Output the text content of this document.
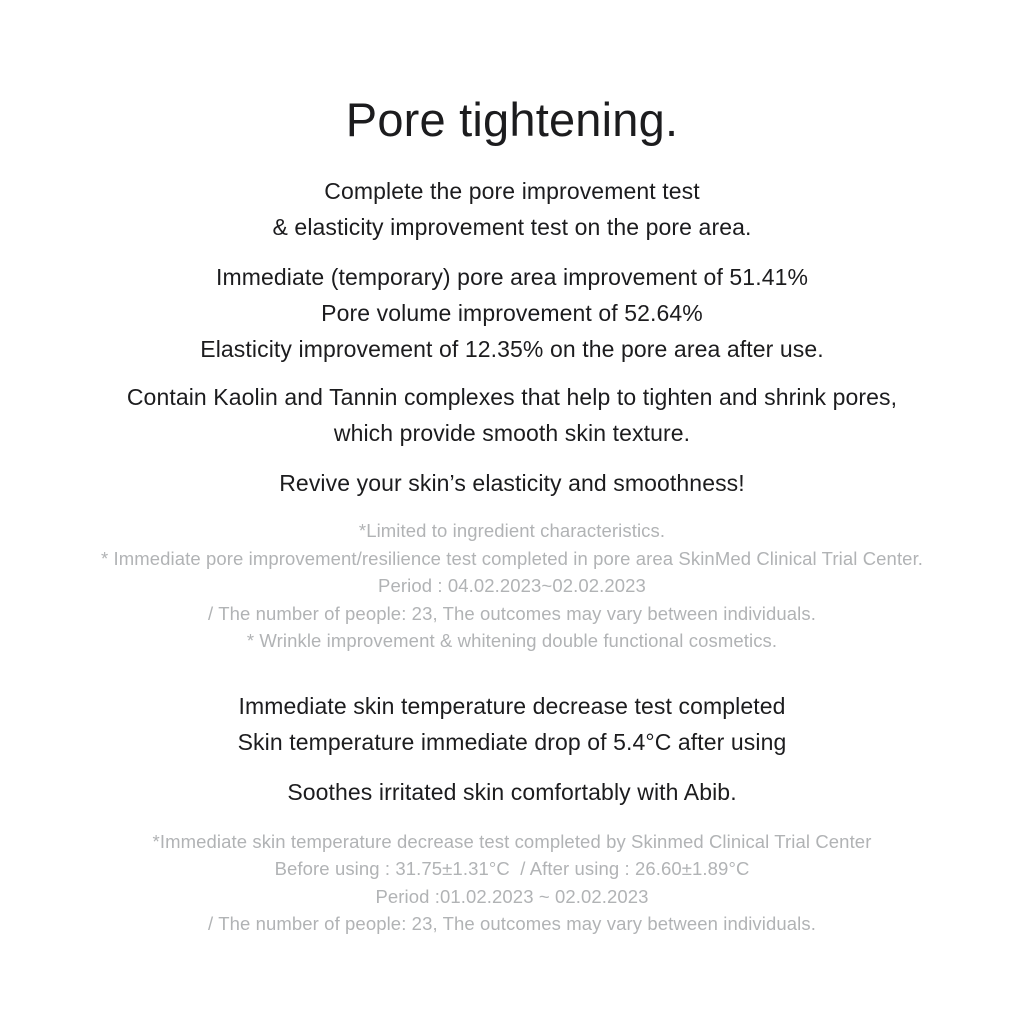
Pore tightening.
Complete the pore improvement test
& elasticity improvement test on the pore area.
Immediate (temporary) pore area improvement of 51.41%
Pore volume improvement of 52.64%
Elasticity improvement of 12.35% on the pore area after use.
Contain Kaolin and Tannin complexes that help to tighten and shrink pores,
which provide smooth skin texture.
Revive your skin’s elasticity and smoothness!
*Limited to ingredient characteristics.
* Immediate pore improvement/resilience test completed in pore area SkinMed Clinical Trial Center.
Period : 04.02.2023~02.02.2023
/ The number of people: 23, The outcomes may vary between individuals.
* Wrinkle improvement & whitening double functional cosmetics.
Immediate skin temperature decrease test completed
Skin temperature immediate drop of 5.4°C after using
Soothes irritated skin comfortably with Abib.
*Immediate skin temperature decrease test completed by Skinmed Clinical Trial Center
Before using : 31.75±1.31°C  / After using : 26.60±1.89°C
Period :01.02.2023 ~ 02.02.2023
/ The number of people: 23, The outcomes may vary between individuals.
